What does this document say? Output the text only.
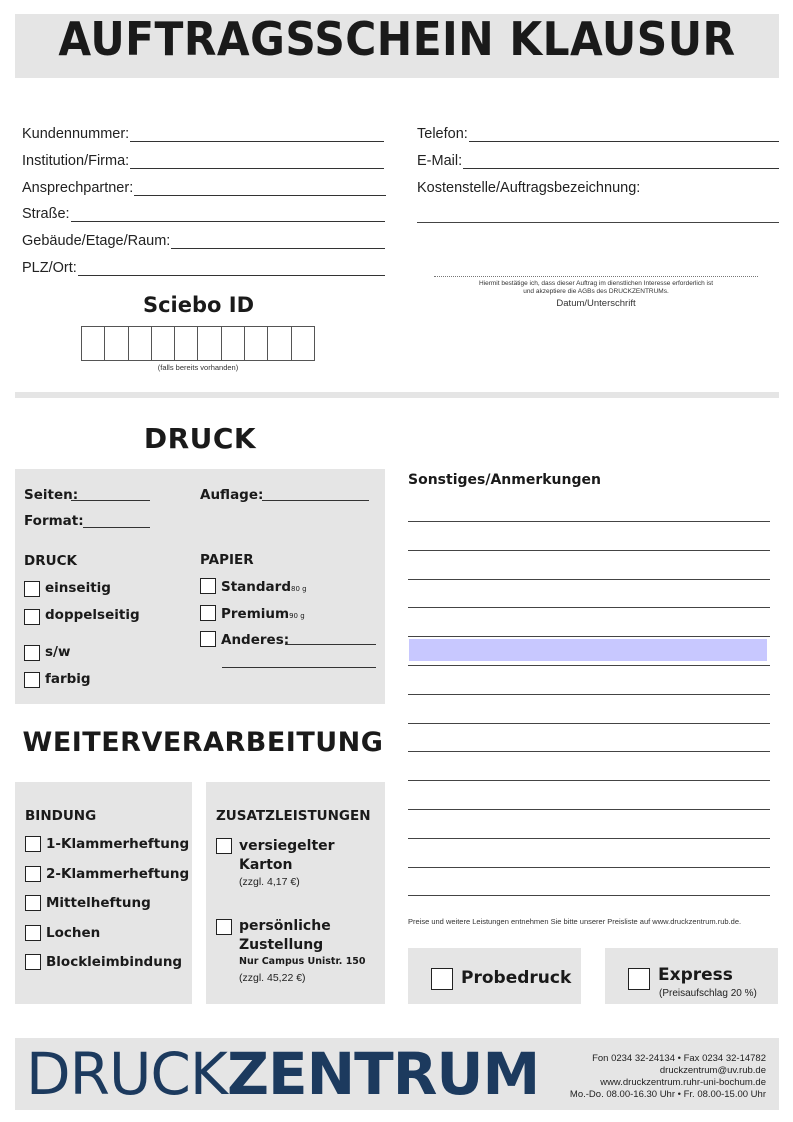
AUFTRAGSSCHEIN KLAUSUR
Kundennummer:
Institution/Firma:
Ansprechpartner:
Straße:
Gebäude/Etage/Raum:
PLZ/Ort:
Telefon:
E-Mail:
Kostenstelle/Auftragsbezeichnung:
Hiermit bestätige ich, dass dieser Auftrag im dienstlichen Interesse erforderlich ist
und akzeptiere die AGBs des DRUCKZENTRUMs.
Datum/Unterschrift
Sciebo ID
(falls bereits vorhanden)
DRUCK
Seiten:	Auflage:
Format:
DRUCK
einseitig
doppelseitig
s/w
farbig
PAPIER
Standard80 g
Premium90 g
Anderes:
Sonstiges/Anmerkungen
Preise und weitere Leistungen entnehmen Sie bitte unserer Preisliste auf www.druckzentrum.rub.de.
WEITERVERARBEITUNG
BINDUNG
1-Klammerheftung
2-Klammerheftung
Mittelheftung
Lochen
Blockleimbindung
ZUSATZLEISTUNGEN
versiegelter
Karton
(zzgl. 4,17 €)
persönliche
Zustellung
Nur Campus Unistr. 150
(zzgl. 45,22 €)	Probedruck	Express
(Preisaufschlag 20 %)
DRUCKZENTRUM	Fon 0234 32-24134 • Fax 0234 32-14782
druckzentrum@uv.rub.de
www.druckzentrum.ruhr-uni-bochum.de
Mo.-Do. 08.00-16.30 Uhr • Fr. 08.00-15.00 Uhr
